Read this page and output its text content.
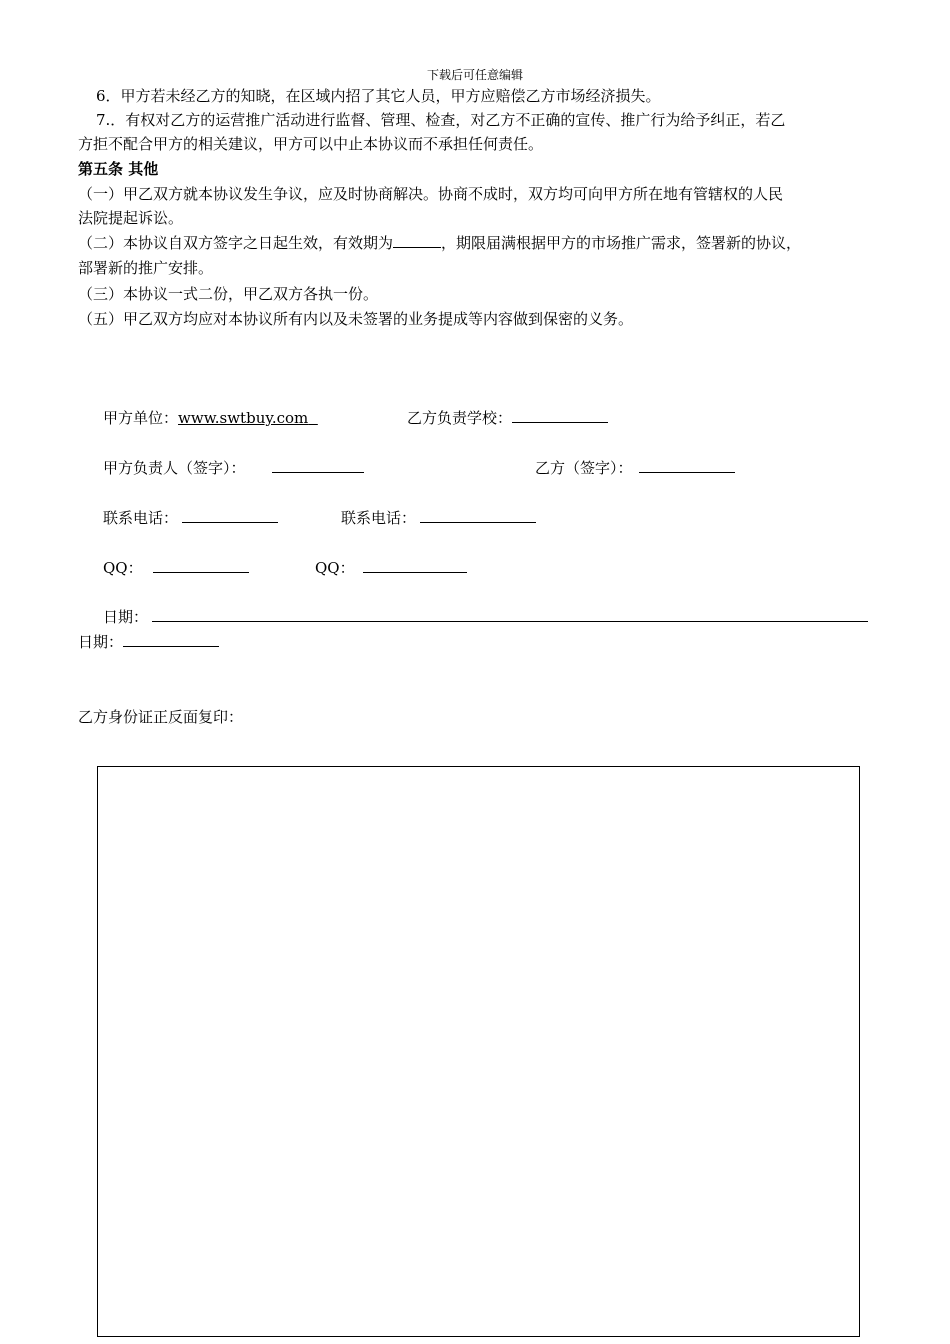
下载后可任意编辑
6．甲方若未经乙方的知晓，在区域内招了其它人员，甲方应赔偿乙方市场经济损失。
7.．有权对乙方的运营推广活动进行监督、管理、检查，对乙方不正确的宣传、推广行为给予纠正，若乙
方拒不配合甲方的相关建议，甲方可以中止本协议而不承担任何责任。
第五条 其他
（一）甲乙双方就本协议发生争议，应及时协商解决。协商不成时，双方均可向甲方所在地有管辖权的人民
法院提起诉讼。
（二）本协议自双方签字之日起生效，有效期为	，期限届满根据甲方的市场推广需求，签署新的协议，
部署新的推广安排。
（三）本协议一式二份，甲乙双方各执一份。
（五）甲乙双方均应对本协议所有内以及未签署的业务提成等内容做到保密的义务。
甲方单位：www.swtbuy.com	乙方负责学校：
甲方负责人（签字）：	乙方（签字）：
联系电话：	联系电话：
QQ：	QQ：
日期：
日期：
乙方身份证正反面复印：
